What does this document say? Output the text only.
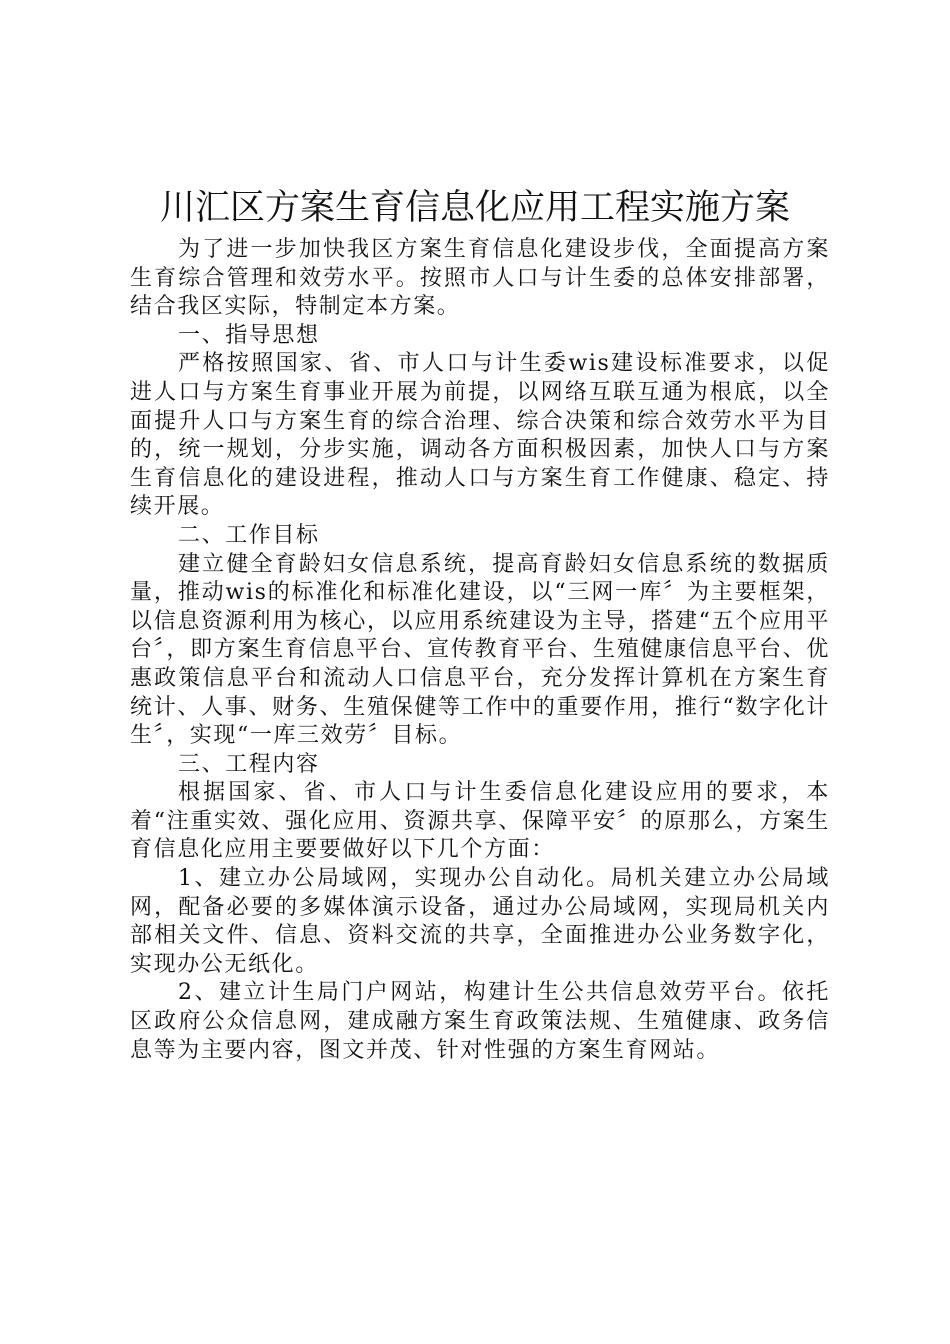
川汇区方案生育信息化应用工程实施方案

为了进一步加快我区方案生育信息化建设步伐，全面提高方案生育综合管理和效劳水平。按照市人口与计生委的总体安排部署，结合我区实际，特制定本方案。

一、指导思想

严格按照国家、省、市人口与计生委wis建设标准要求，以促进人口与方案生育事业开展为前提，以网络互联互通为根底，以全面提升人口与方案生育的综合治理、综合决策和综合效劳水平为目的，统一规划，分步实施，调动各方面积极因素，加快人口与方案生育信息化的建设进程，推动人口与方案生育工作健康、稳定、持续开展。

二、工作目标

建立健全育龄妇女信息系统，提高育龄妇女信息系统的数据质量，推动wis的标准化和标准化建设，以“三网一库〞为主要框架，以信息资源利用为核心，以应用系统建设为主导，搭建“五个应用平台〞，即方案生育信息平台、宣传教育平台、生殖健康信息平台、优惠政策信息平台和流动人口信息平台，充分发挥计算机在方案生育统计、人事、财务、生殖保健等工作中的重要作用，推行“数字化计生〞，实现“一库三效劳〞目标。

三、工程内容

根据国家、省、市人口与计生委信息化建设应用的要求，本着“注重实效、强化应用、资源共享、保障平安〞的原那么，方案生育信息化应用主要要做好以下几个方面：

1、建立办公局域网，实现办公自动化。局机关建立办公局域网，配备必要的多媒体演示设备，通过办公局域网，实现局机关内部相关文件、信息、资料交流的共享，全面推进办公业务数字化，实现办公无纸化。

2、建立计生局门户网站，构建计生公共信息效劳平台。依托区政府公众信息网，建成融方案生育政策法规、生殖健康、政务信息等为主要内容，图文并茂、针对性强的方案生育网站。
